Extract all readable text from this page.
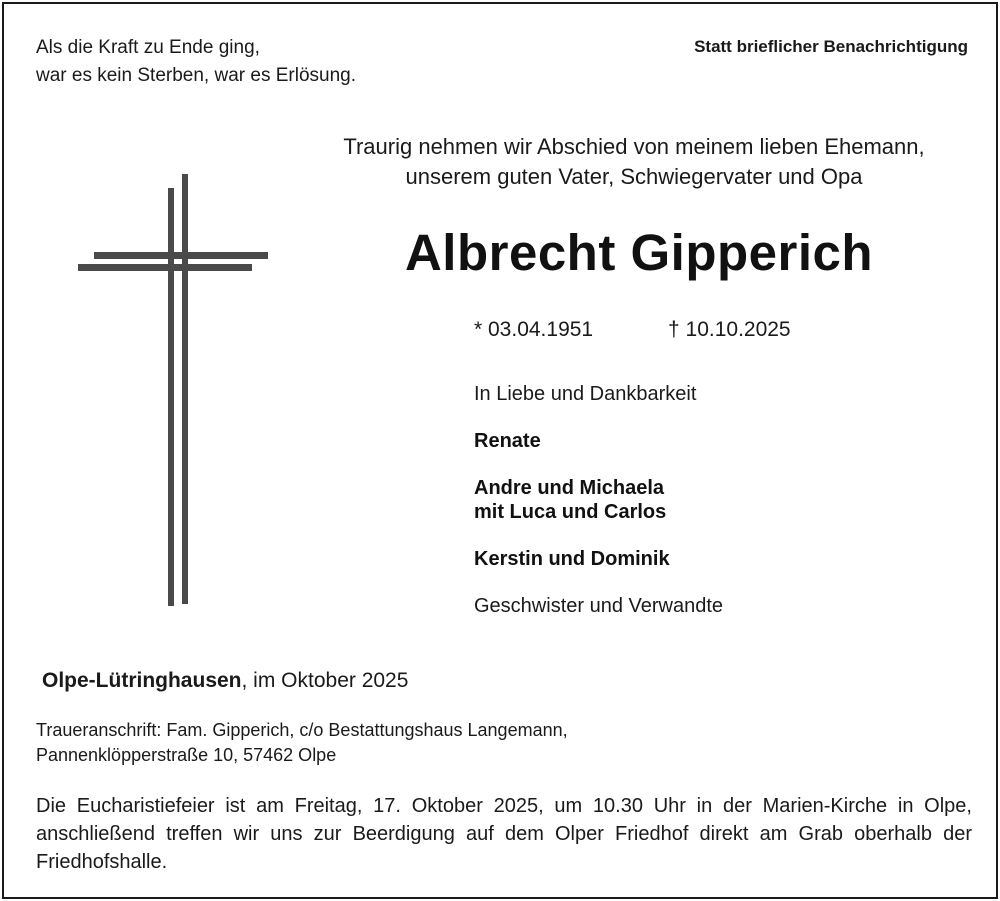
Als die Kraft zu Ende ging,
war es kein Sterben, war es Erlösung.
Statt brieflicher Benachrichtigung
Traurig nehmen wir Abschied von meinem lieben Ehemann,
unserem guten Vater, Schwiegervater und Opa
Albrecht Gipperich
* 03.04.1951	† 10.10.2025
In Liebe und Dankbarkeit
Renate
Andre und Michaela
mit Luca und Carlos
Kerstin und Dominik
Geschwister und Verwandte
Olpe-Lütringhausen, im Oktober 2025
Traueranschrift: Fam. Gipperich, c/o Bestattungshaus Langemann,
Pannenklöpperstraße 10, 57462 Olpe
Die Eucharistiefeier ist am Freitag, 17. Oktober 2025, um 10.30 Uhr in der Marien-Kirche in Olpe, anschließend treffen wir uns zur Beerdigung auf dem Olper Friedhof direkt am Grab oberhalb der Friedhofshalle.
